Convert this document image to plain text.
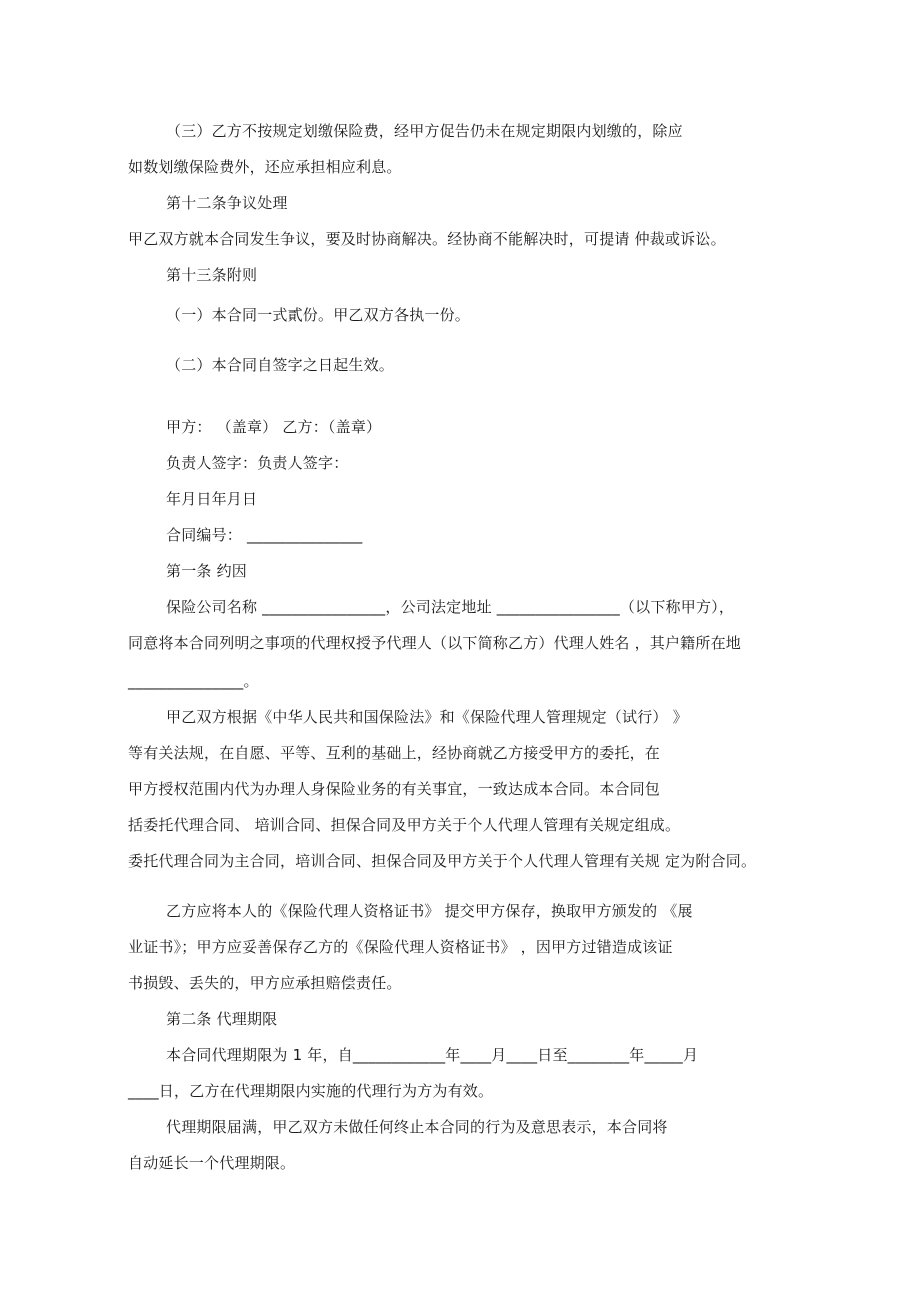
（三）乙方不按规定划缴保险费，经甲方促告仍未在规定期限内划缴的，除应
如数划缴保险费外，还应承担相应利息。
第十二条争议处理
甲乙双方就本合同发生争议，要及时协商解决。经协商不能解决时，可提请 仲裁或诉讼。
第十三条附则
（一）本合同一式貳份。甲乙双方各执一份。
（二）本合同自签字之日起生效。
甲方： （盖章） 乙方：（盖章）
负责人签字：负责人签字：
年月日年月日
合同编号： _______________
第一条 约因
保险公司名称 ________________，公司法定地址 ________________（以下称甲方），
同意将本合同列明之事项的代理权授予代理人（以下简称乙方）代理人姓名 ，其户籍所在地
_______________。
甲乙双方根据《中华人民共和国保险法》和《保险代理人管理规定（试行） 》
等有关法规，在自愿、平等、互利的基础上，经协商就乙方接受甲方的委托，在
甲方授权范围内代为办理人身保险业务的有关事宜，一致达成本合同。本合同包
括委托代理合同、 培训合同、担保合同及甲方关于个人代理人管理有关规定组成。
委托代理合同为主合同，培训合同、担保合同及甲方关于个人代理人管理有关规 定为附合同。
乙方应将本人的《保险代理人资格证书》 提交甲方保存，换取甲方颁发的 《展
业证书》；甲方应妥善保存乙方的《保险代理人资格证书》 ，因甲方过错造成该证
书损毁、丢失的，甲方应承担赔偿责任。
第二条 代理期限
本合同代理期限为 1 年，自____________年____月____日至________年_____月
____日，乙方在代理期限内实施的代理行为方为有效。
代理期限届满，甲乙双方未做任何终止本合同的行为及意思表示，本合同将
自动延长一个代理期限。
